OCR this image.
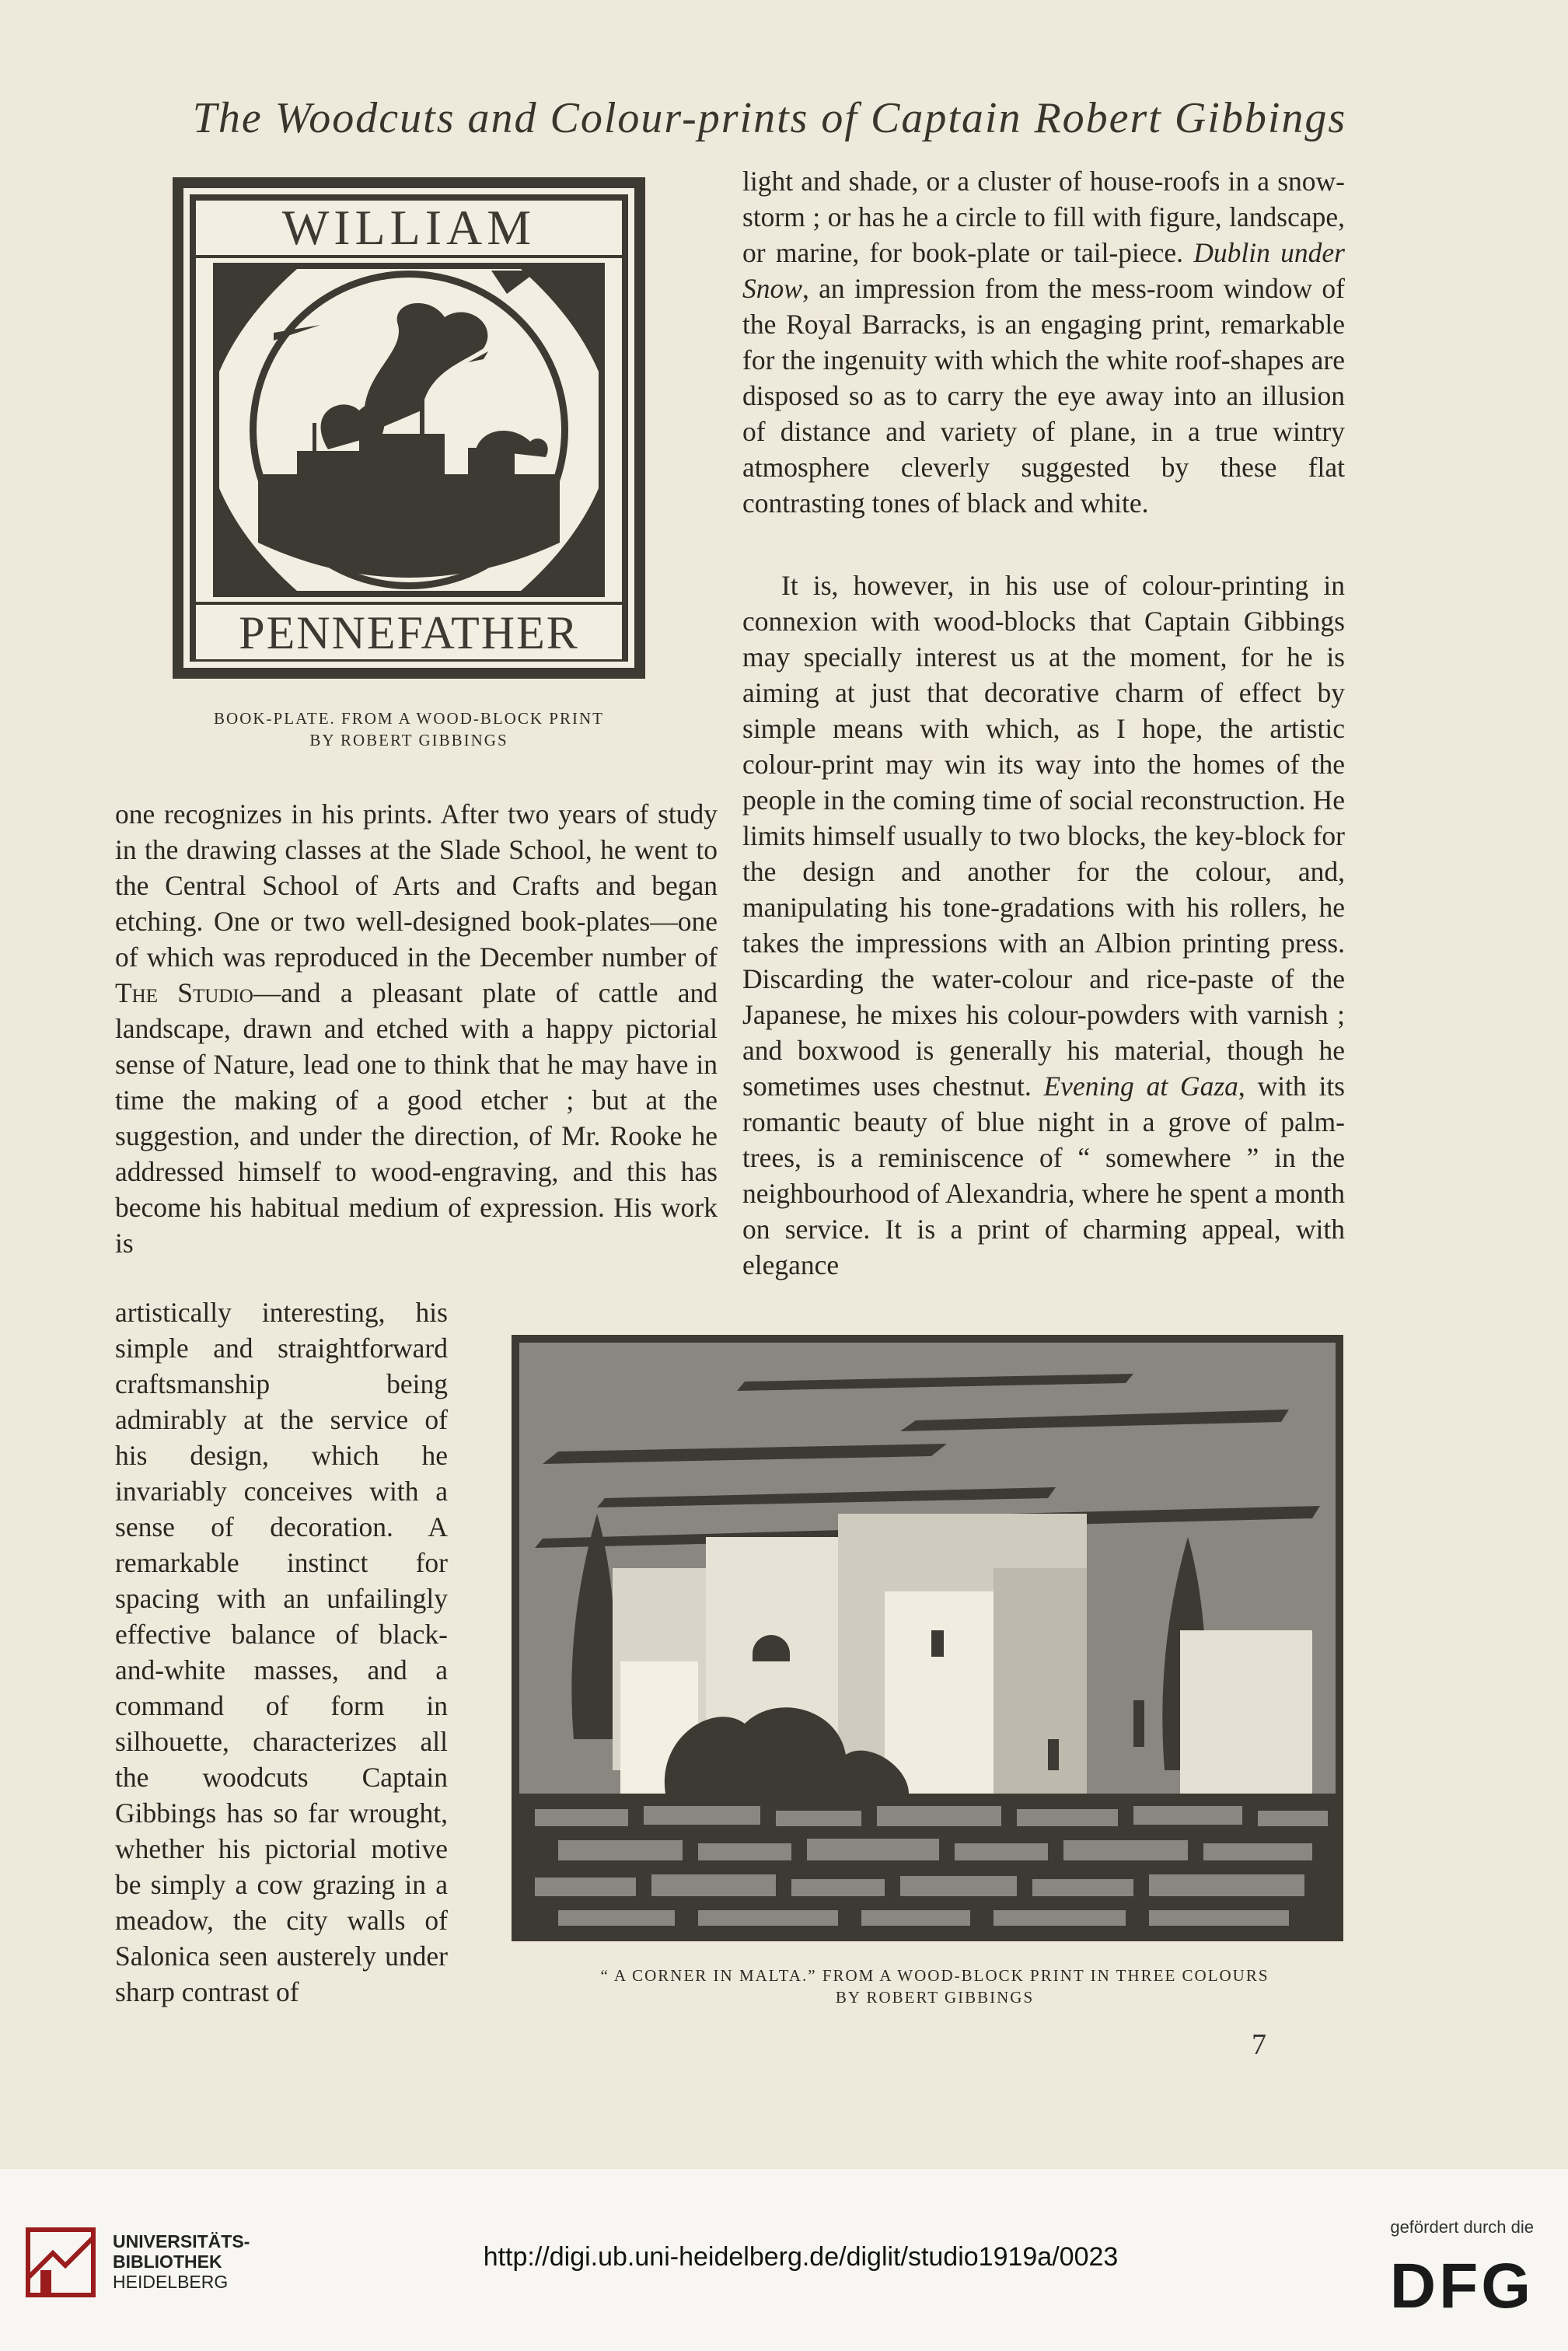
The Woodcuts and Colour-prints of Captain Robert Gibbings
WILLIAM
PENNEFATHER
BOOK-PLATE. FROM A WOOD-BLOCK PRINT
BY ROBERT GIBBINGS

light and shade, or a cluster of house-roofs in a snow-storm ; or has he a circle to fill with figure, landscape, or marine, for book-plate or tail-piece. Dublin under Snow, an impression from the mess-room window of the Royal Barracks, is an engaging print, remarkable for the ingenuity with which the white roof-shapes are disposed so as to carry the eye away into an illusion of distance and variety of plane, in a true wintry atmosphere cleverly suggested by these flat contrasting tones of black and white.

one recognizes in his prints. After two years of study in the drawing classes at the Slade School, he went to the Central School of Arts and Crafts and began etching. One or two well-designed book-plates—one of which was reproduced in the December number of The Studio—and a pleasant plate of cattle and landscape, drawn and etched with a happy pictorial sense of Nature, lead one to think that he may have in time the making of a good etcher ; but at the suggestion, and under the direction, of Mr. Rooke he addressed himself to wood-engraving, and this has become his habitual medium of expression. His work is

It is, however, in his use of colour-printing in connexion with wood-blocks that Captain Gibbings may specially interest us at the moment, for he is aiming at just that decorative charm of effect by simple means with which, as I hope, the artistic colour-print may win its way into the homes of the people in the coming time of social reconstruction. He limits himself usually to two blocks, the key-block for the design and another for the colour, and, manipulating his tone-gradations with his rollers, he takes the impressions with an Albion printing press. Discarding the water-colour and rice-paste of the Japanese, he mixes his colour-powders with varnish ; and boxwood is generally his material, though he sometimes uses chestnut. Evening at Gaza, with its romantic beauty of blue night in a grove of palm-trees, is a reminiscence of “ somewhere ” in the neighbourhood of Alexandria, where he spent a month on service. It is a print of charming appeal, with elegance

artistically interesting, his simple and straightforward craftsmanship being admirably at the service of his design, which he invariably conceives with a sense of decoration. A remarkable instinct for spacing with an unfailingly effective balance of black-and-white masses, and a command of form in silhouette, characterizes all the woodcuts Captain Gibbings has so far wrought, whether his pictorial motive be simply a cow grazing in a meadow, the city walls of Salonica seen austerely under sharp contrast of

“ A CORNER IN MALTA.” FROM A WOOD-BLOCK PRINT IN THREE COLOURS
BY ROBERT GIBBINGS
7
UNIVERSITÄTS-
BIBLIOTHEK
HEIDELBERG
http://digi.ub.uni-heidelberg.de/diglit/studio1919a/0023
gefördert durch die
DFG
